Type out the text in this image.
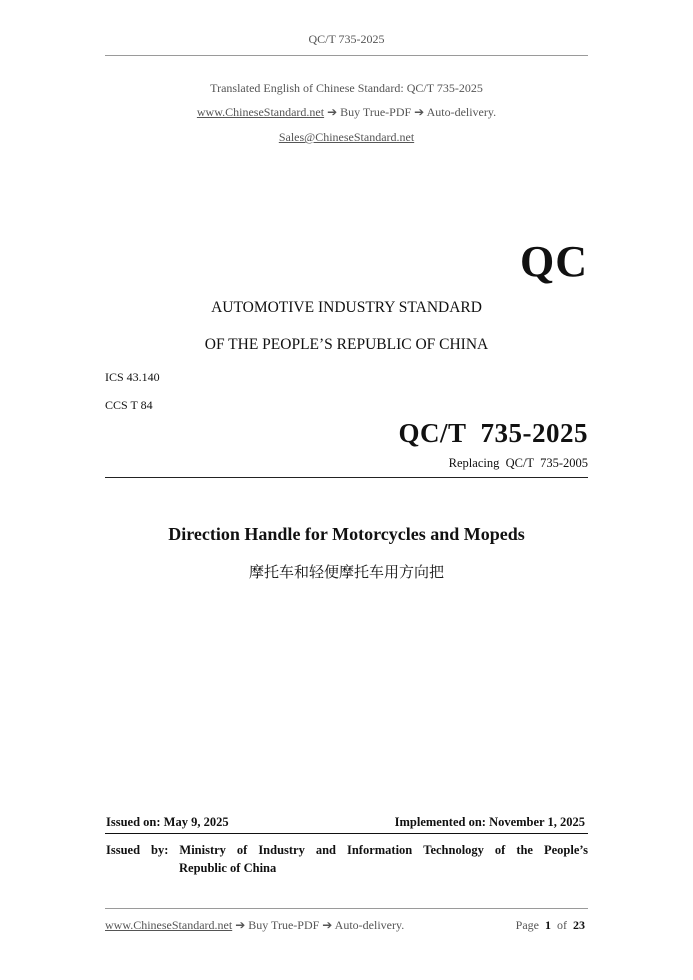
QC/T 735-2025
Translated English of Chinese Standard: QC/T 735-2025
www.ChineseStandard.net ➔ Buy True-PDF ➔ Auto-delivery.
Sales@ChineseStandard.net
QC
AUTOMOTIVE INDUSTRY STANDARD
OF THE PEOPLE’S REPUBLIC OF CHINA
ICS 43.140
CCS T 84
QC/T  735-2025
Replacing  QC/T  735-2005
Direction Handle for Motorcycles and Mopeds
摩托车和轻便摩托车用方向把
Issued on: May 9, 2025	Implemented on: November 1, 2025
Issued by: Ministry of Industry and Information Technology of the People’s
Republic of China
www.ChineseStandard.net ➔ Buy True-PDF ➔ Auto-delivery.	Page 1 of 23
